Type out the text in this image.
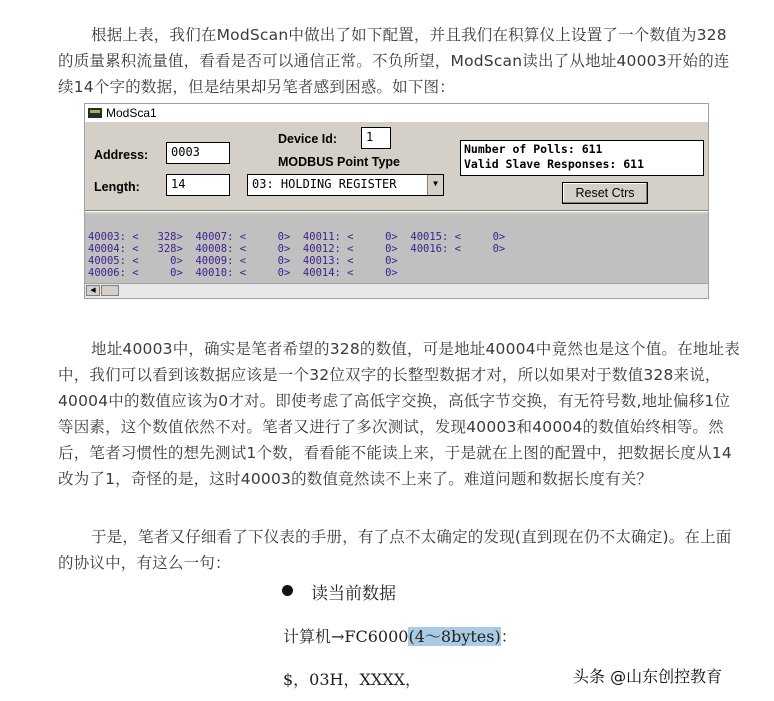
根据上表，我们在ModScan中做出了如下配置，并且我们在积算仪上设置了一个数值为328的质量累积流量值，看看是否可以通信正常。不负所望，ModScan读出了从地址40003开始的连续14个字的数据，但是结果却另笔者感到困惑。如下图：
ModSca1
Address:	0003
Length:	14
Device Id:	1
MODBUS Point Type
03: HOLDING REGISTER	▼
Number of Polls: 611
Valid Slave Responses: 611
Reset Ctrs
40003: <   328>  40007: <     0>  40011: <     0>  40015: <     0>
40004: <   328>  40008: <     0>  40012: <     0>  40016: <     0>
40005: <     0>  40009: <     0>  40013: <     0>
40006: <     0>  40010: <     0>  40014: <     0>
◀
地址40003中，确实是笔者希望的328的数值，可是地址40004中竟然也是这个值。在地址表中，我们可以看到该数据应该是一个32位双字的长整型数据才对，所以如果对于数值328来说，40004中的数值应该为0才对。即使考虑了高低字交换，高低字节交换，有无符号数,地址偏移1位等因素，这个数值依然不对。笔者又进行了多次测试，发现40003和40004的数值始终相等。然后，笔者习惯性的想先测试1个数，看看能不能读上来，于是就在上图的配置中，把数据长度从14改为了1，奇怪的是，这时40003的数值竟然读不上来了。难道问题和数据长度有关？
于是，笔者又仔细看了下仪表的手册，有了点不太确定的发现(直到现在仍不太确定)。在上面的协议中，有这么一句：
读当前数据
计算机→FC6000(4～8bytes)：
$，03H，XXXX，	头条 @山东创控教育
